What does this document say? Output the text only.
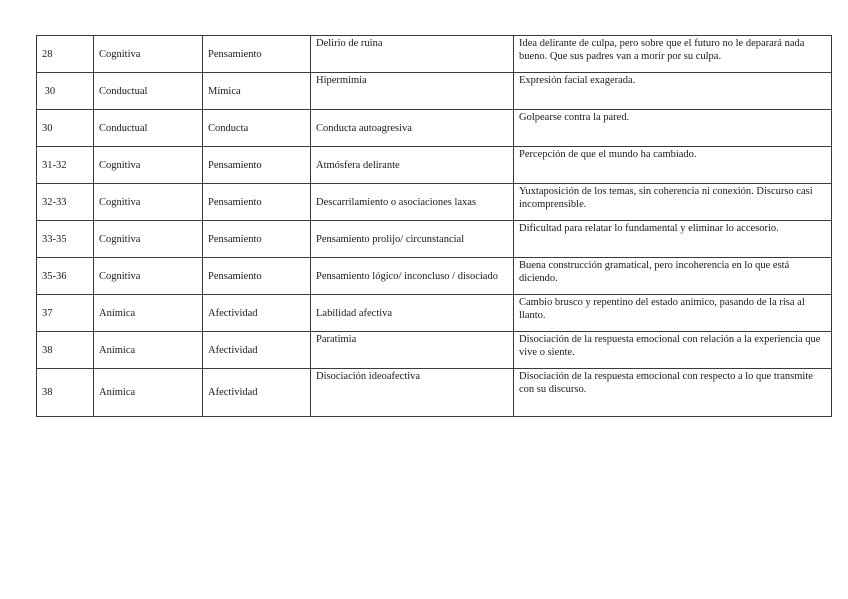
28	Cognitiva	Pensamiento	Delirio de ruina	Idea delirante de culpa, pero sobre que el futuro no le deparará nada bueno. Que sus padres van a morir por su culpa.
30	Conductual	Mímica	Hipermimia	Expresión facial exagerada.
30	Conductual	Conducta	Conducta autoagresiva	Golpearse contra la pared.
31-32	Cognitiva	Pensamiento	Atmósfera delirante	Percepción de que el mundo ha cambiado.
32-33	Cognitiva	Pensamiento	Descarrilamiento o asociaciones laxas	Yuxtaposición de los temas, sin coherencia ni conexión. Discurso casi incomprensible.
33-35	Cognitiva	Pensamiento	Pensamiento prolijo/ circunstancial	Dificultad para relatar lo fundamental y eliminar lo accesorio.
35-36	Cognitiva	Pensamiento	Pensamiento lógico/ inconcluso / disociado	Buena construcción gramatical, pero incoherencia en lo que está diciendo.
37	Anímica	Afectividad	Labilidad afectiva	Cambio brusco y repentino del estado anímico, pasando de la risa al llanto.
38	Anímica	Afectividad	Paratimia	Disociación de la respuesta emocional con relación a la experiencia que vive o siente.
38	Anímica	Afectividad	Disociación ideoafectiva	Disociación de la respuesta emocional con respecto a lo que transmite con su discurso.
